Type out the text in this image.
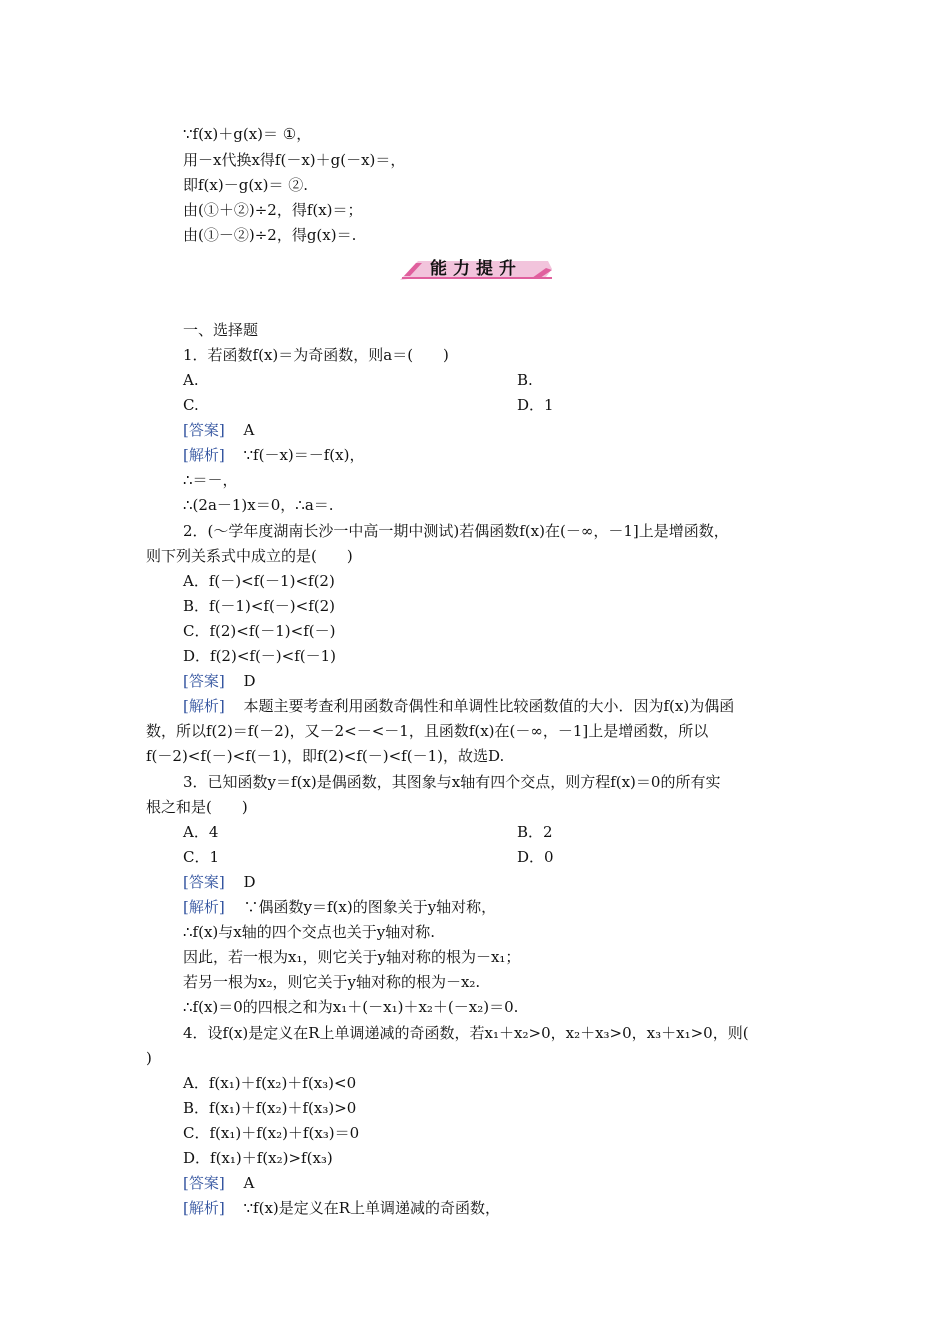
∵f(x)＋g(x)＝ ①，
用－x代换x得f(－x)＋g(－x)＝，
即f(x)－g(x)＝ ②.
由(①＋②)÷2，得f(x)＝；
由(①－②)÷2，得g(x)＝.
能力提升
一、选择题
1．若函数f(x)＝为奇函数，则a＝(　　)
A.	B.
C.	D．1
[答案] A
[解析] ∵f(－x)＝－f(x)，
∴＝－，
∴(2a－1)x＝0，∴a＝.
2．(～学年度湖南长沙一中高一期中测试)若偶函数f(x)在(－∞，－1]上是增函数，
则下列关系式中成立的是(　　)
A．f(－)<f(－1)<f(2)
B．f(－1)<f(－)<f(2)
C．f(2)<f(－1)<f(－)
D．f(2)<f(－)<f(－1)
[答案] D
[解析] 本题主要考查利用函数奇偶性和单调性比较函数值的大小．因为f(x)为偶函
数，所以f(2)＝f(－2)，又－2<－<－1，且函数f(x)在(－∞，－1]上是增函数，所以
f(－2)<f(－)<f(－1)，即f(2)<f(－)<f(－1)，故选D.
3．已知函数y＝f(x)是偶函数，其图象与x轴有四个交点，则方程f(x)＝0的所有实
根之和是(　　)
A．4	B．2
C．1	D．0
[答案] D
[解析] ∵偶函数y＝f(x)的图象关于y轴对称，
∴f(x)与x轴的四个交点也关于y轴对称.
因此，若一根为x₁，则它关于y轴对称的根为－x₁；
若另一根为x₂，则它关于y轴对称的根为－x₂.
∴f(x)＝0的四根之和为x₁＋(－x₁)＋x₂＋(－x₂)＝0.
4．设f(x)是定义在R上单调递减的奇函数，若x₁＋x₂>0，x₂＋x₃>0，x₃＋x₁>0，则(
)
A．f(x₁)＋f(x₂)＋f(x₃)<0
B．f(x₁)＋f(x₂)＋f(x₃)>0
C．f(x₁)＋f(x₂)＋f(x₃)＝0
D．f(x₁)＋f(x₂)>f(x₃)
[答案] A
[解析] ∵f(x)是定义在R上单调递减的奇函数，
